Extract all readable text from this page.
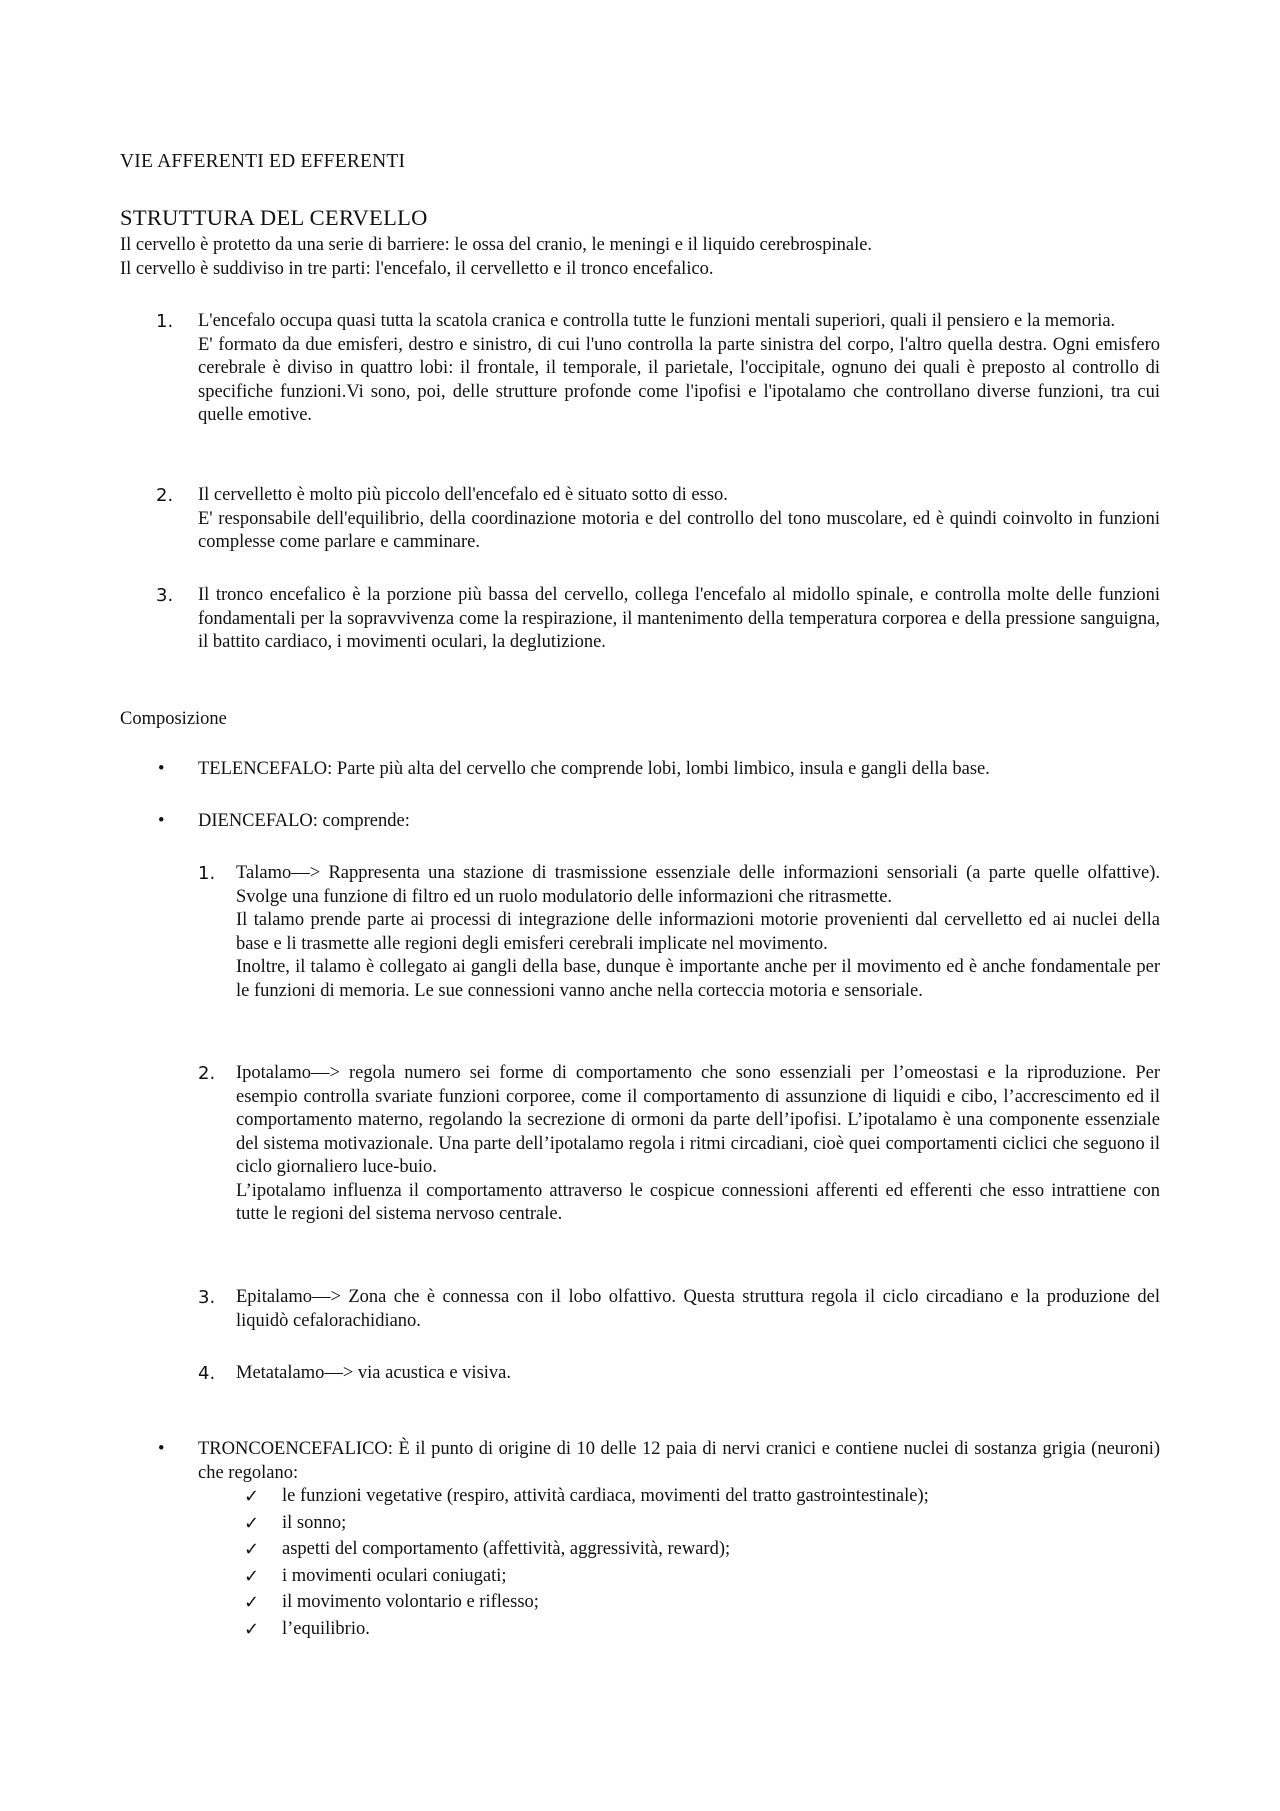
VIE AFFERENTI ED EFFERENTI
STRUTTURA DEL CERVELLO

Il cervello è protetto da una serie di barriere: le ossa del cranio, le meningi e il liquido cerebrospinale.

Il cervello è suddiviso in tre parti: l'encefalo, il cervelletto e il tronco encefalico.

1. L'encefalo occupa quasi tutta la scatola cranica e controlla tutte le funzioni mentali superiori, quali il pensiero e la memoria.

E' formato da due emisferi, destro e sinistro, di cui l'uno controlla la parte sinistra del corpo, l'altro quella destra. Ogni emisfero cerebrale è diviso in quattro lobi: il frontale, il temporale, il parietale, l'occipitale, ognuno dei quali è preposto al controllo di specifiche funzioni.Vi sono, poi, delle strutture profonde come l'ipofisi e l'ipotalamo che controllano diverse funzioni, tra cui quelle emotive.

2. Il cervelletto è molto più piccolo dell'encefalo ed è situato sotto di esso.

E' responsabile dell'equilibrio, della coordinazione motoria e del controllo del tono muscolare, ed è quindi coinvolto in funzioni complesse come parlare e camminare.

3. Il tronco encefalico è la porzione più bassa del cervello, collega l'encefalo al midollo spinale, e controlla molte delle funzioni fondamentali per la sopravvivenza come la respirazione, il mantenimento della temperatura corporea e della pressione sanguigna, il battito cardiaco, i movimenti oculari, la deglutizione.

Composizione
• TELENCEFALO: Parte più alta del cervello che comprende lobi, lombi limbico, insula e gangli della base.
• DIENCEFALO: comprende:
1. Talamo—> Rappresenta una stazione di trasmissione essenziale delle informazioni sensoriali (a parte quelle olfattive). Svolge una funzione di filtro ed un ruolo modulatorio delle informazioni che ritrasmette.

Il talamo prende parte ai processi di integrazione delle informazioni motorie provenienti dal cervelletto ed ai nuclei della base e li trasmette alle regioni degli emisferi cerebrali implicate nel movimento.

Inoltre, il talamo è collegato ai gangli della base, dunque è importante anche per il movimento ed è anche fondamentale per le funzioni di memoria. Le sue connessioni vanno anche nella corteccia motoria e sensoriale.

2. Ipotalamo—> regola numero sei forme di comportamento che sono essenziali per l’omeostasi e la riproduzione. Per esempio controlla svariate funzioni corporee, come il comportamento di assunzione di liquidi e cibo, l’accrescimento ed il comportamento materno, regolando la secrezione di ormoni da parte dell’ipofisi. L’ipotalamo è una componente essenziale del sistema motivazionale. Una parte dell’ipotalamo regola i ritmi circadiani, cioè quei comportamenti ciclici che seguono il ciclo giornaliero luce-buio.

L’ipotalamo influenza il comportamento attraverso le cospicue connessioni afferenti ed efferenti che esso intrattiene con tutte le regioni del sistema nervoso centrale.

3. Epitalamo—> Zona che è connessa con il lobo olfattivo. Questa struttura regola il ciclo circadiano e la produzione del liquidò cefalorachidiano.

4. Metatalamo—> via acustica e visiva.

• TRONCOENCEFALICO: È il punto di origine di 10 delle 12 paia di nervi cranici e contiene nuclei di sostanza grigia (neuroni) che regolano:
✓ le funzioni vegetative (respiro, attività cardiaca, movimenti del tratto gastrointestinale);
✓ il sonno;
✓ aspetti del comportamento (affettività, aggressività, reward);
✓ i movimenti oculari coniugati;
✓ il movimento volontario e riflesso;
✓ l’equilibrio.
